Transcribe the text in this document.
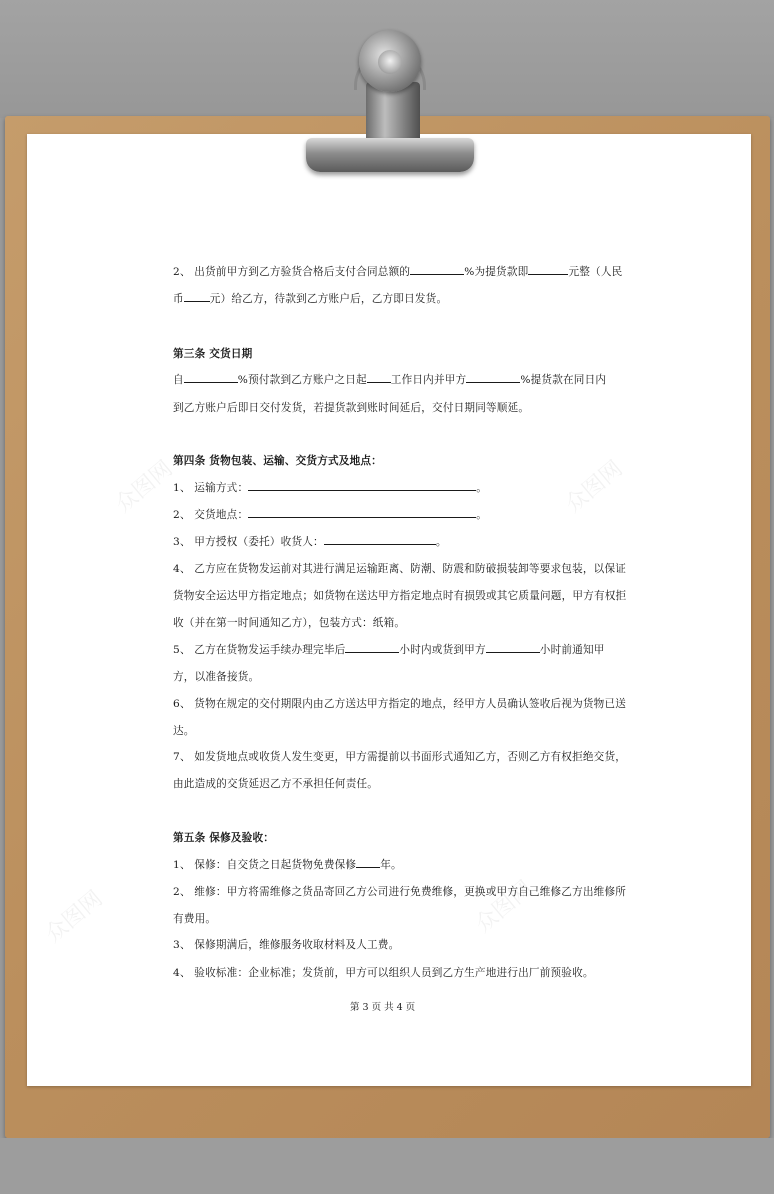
众图网	众图网
众图网
众图网
2、 出货前甲方到乙方验货合格后支付合同总额的	%为提货款即	元整（人民
币 元）给乙方，待款到乙方账户后，乙方即日发货。
第三条 交货日期
自	%预付款到乙方账户之日起 工作日内并甲方	%提货款在同日内
到乙方账户后即日交付发货，若提货款到账时间延后，交付日期同等顺延。
第四条 货物包装、运输、交货方式及地点：
1、 运输方式：	。
2、 交货地点：	。
3、 甲方授权（委托）收货人：	。
4、 乙方应在货物发运前对其进行满足运输距离、防潮、防震和防破损装卸等要求包装，以保证
货物安全运达甲方指定地点；如货物在送达甲方指定地点时有损毁或其它质量问题，甲方有权拒
收（并在第一时间通知乙方），包装方式：纸箱。
5、 乙方在货物发运手续办理完毕后	小时内或货到甲方	小时前通知甲
方，以准备接货。
6、 货物在规定的交付期限内由乙方送达甲方指定的地点，经甲方人员确认签收后视为货物已送
达。
7、 如发货地点或收货人发生变更，甲方需提前以书面形式通知乙方，否则乙方有权拒绝交货，
由此造成的交货延迟乙方不承担任何责任。
第五条 保修及验收：
1、 保修：自交货之日起货物免费保修 年。
2、 维修：甲方将需维修之货品寄回乙方公司进行免费维修，更换或甲方自己维修乙方出维修所
有费用。
3、 保修期满后，维修服务收取材料及人工费。
4、 验收标准：企业标准；发货前，甲方可以组织人员到乙方生产地进行出厂前预验收。
第 3 页 共 4 页
